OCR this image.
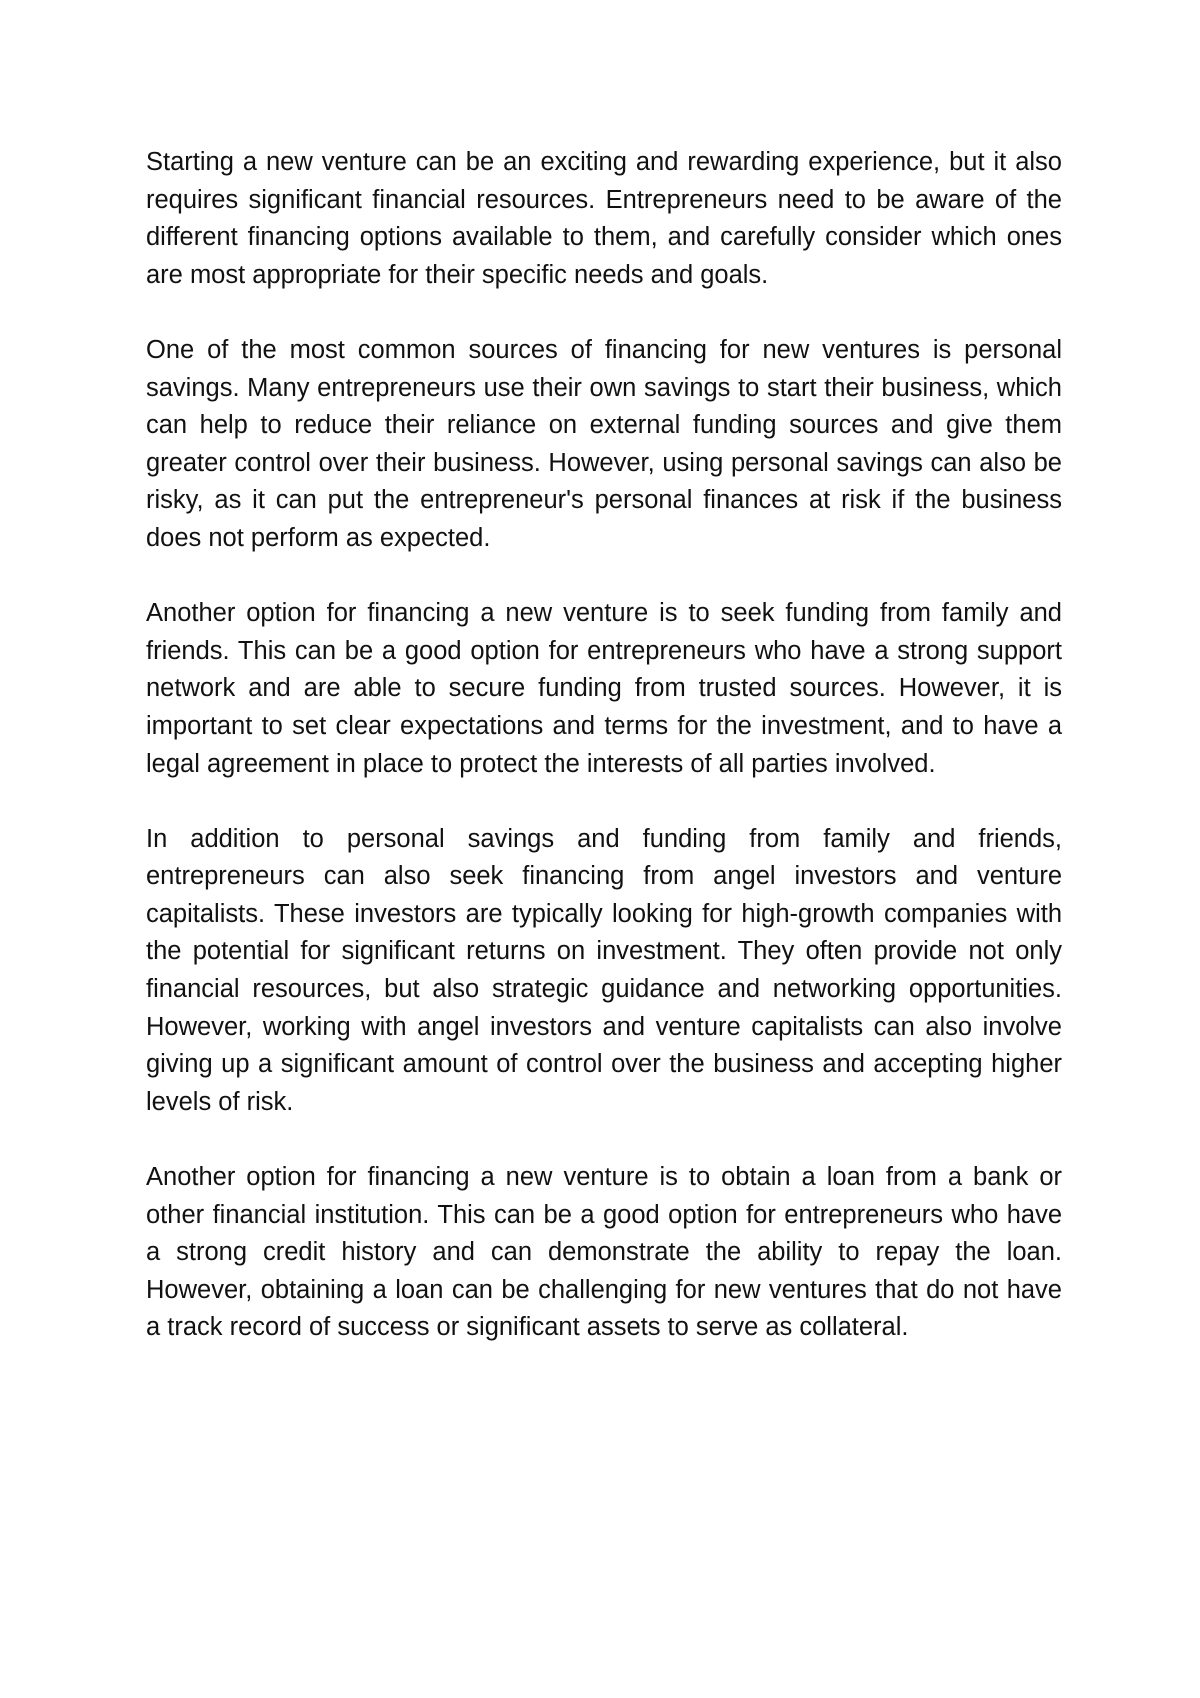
Starting a new venture can be an exciting and rewarding experience, but it also requires significant financial resources. Entrepreneurs need to be aware of the different financing options available to them, and carefully consider which ones are most appropriate for their specific needs and goals.

One of the most common sources of financing for new ventures is personal savings. Many entrepreneurs use their own savings to start their business, which can help to reduce their reliance on external funding sources and give them greater control over their business. However, using personal savings can also be risky, as it can put the entrepreneur's personal finances at risk if the business does not perform as expected.

Another option for financing a new venture is to seek funding from family and friends. This can be a good option for entrepreneurs who have a strong support network and are able to secure funding from trusted sources. However, it is important to set clear expectations and terms for the investment, and to have a legal agreement in place to protect the interests of all parties involved.

In addition to personal savings and funding from family and friends, entrepreneurs can also seek financing from angel investors and venture capitalists. These investors are typically looking for high-growth companies with the potential for significant returns on investment. They often provide not only financial resources, but also strategic guidance and networking opportunities. However, working with angel investors and venture capitalists can also involve giving up a significant amount of control over the business and accepting higher levels of risk.

Another option for financing a new venture is to obtain a loan from a bank or other financial institution. This can be a good option for entrepreneurs who have a strong credit history and can demonstrate the ability to repay the loan. However, obtaining a loan can be challenging for new ventures that do not have a track record of success or significant assets to serve as collateral.
